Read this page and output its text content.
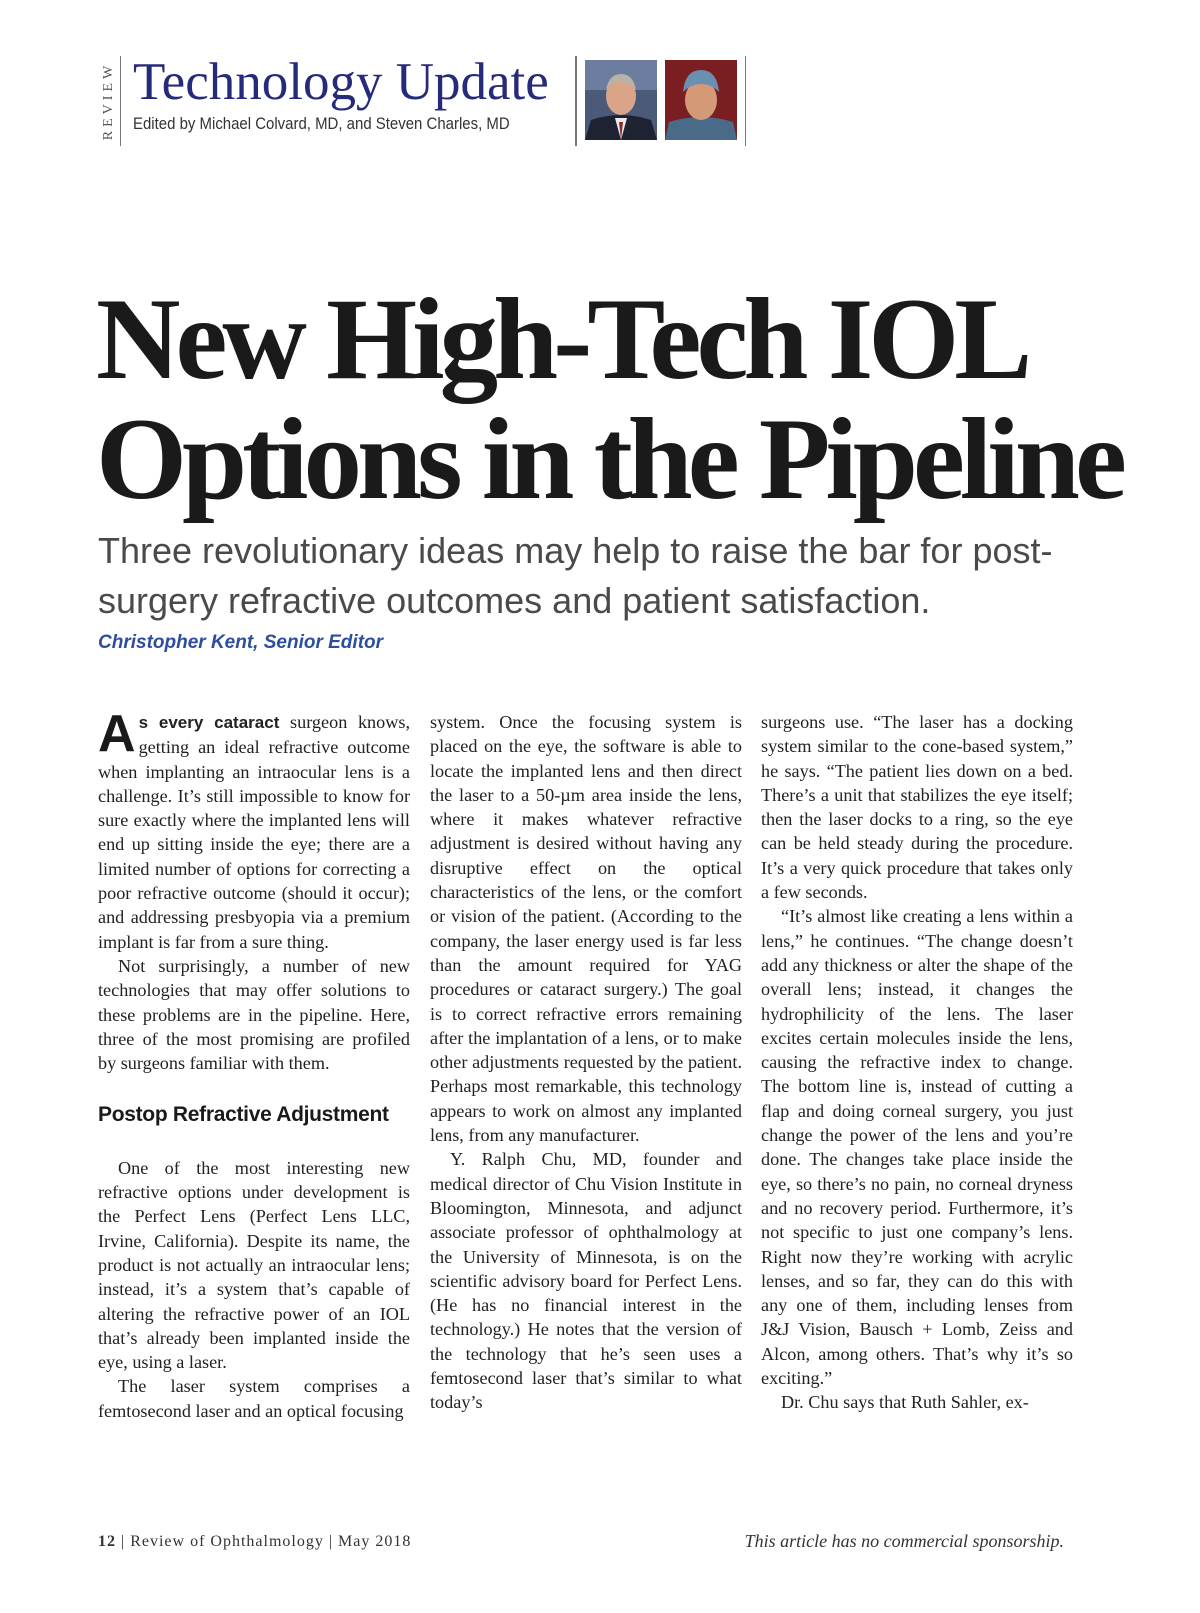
REVIEW Technology Update
Edited by Michael Colvard, MD, and Steven Charles, MD
New High-Tech IOL
Options in the Pipeline
Three revolutionary ideas may help to raise the bar for post-surgery refractive outcomes and patient satisfaction.
Christopher Kent, Senior Editor

As every cataract surgeon knows, getting an ideal refractive outcome when implanting an intraocular lens is a challenge. It’s still impossible to know for sure exactly where the implanted lens will end up sitting inside the eye; there are a limited number of options for correcting a poor refractive outcome (should it occur); and addressing presbyopia via a premium implant is far from a sure thing.

Not surprisingly, a number of new technologies that may offer solutions to these problems are in the pipeline. Here, three of the most promising are profiled by surgeons familiar with them.

Postop Refractive Adjustment

One of the most interesting new refractive options under development is the Perfect Lens (Perfect Lens LLC, Irvine, California). Despite its name, the product is not actually an intraocular lens; instead, it’s a system that’s capable of altering the refractive power of an IOL that’s already been implanted inside the eye, using a laser.

The laser system comprises a femtosecond laser and an optical focusing

system. Once the focusing system is placed on the eye, the software is able to locate the implanted lens and then direct the laser to a 50-µm area inside the lens, where it makes whatever refractive adjustment is desired without having any disruptive effect on the optical characteristics of the lens, or the comfort or vision of the patient. (According to the company, the laser energy used is far less than the amount required for YAG procedures or cataract surgery.) The goal is to correct refractive errors remaining after the implantation of a lens, or to make other adjustments requested by the patient. Perhaps most remarkable, this technology appears to work on almost any implanted lens, from any manufacturer.

Y. Ralph Chu, MD, founder and medical director of Chu Vision Institute in Bloomington, Minnesota, and adjunct associate professor of ophthalmology at the University of Minnesota, is on the scientific advisory board for Perfect Lens. (He has no financial interest in the technology.) He notes that the version of the technology that he’s seen uses a femtosecond laser that’s similar to what today’s

surgeons use. “The laser has a docking system similar to the cone-based system,” he says. “The patient lies down on a bed. There’s a unit that stabilizes the eye itself; then the laser docks to a ring, so the eye can be held steady during the procedure. It’s a very quick procedure that takes only a few seconds.

“It’s almost like creating a lens within a lens,” he continues. “The change doesn’t add any thickness or alter the shape of the overall lens; instead, it changes the hydrophilicity of the lens. The laser excites certain molecules inside the lens, causing the refractive index to change. The bottom line is, instead of cutting a flap and doing corneal surgery, you just change the power of the lens and you’re done. The changes take place inside the eye, so there’s no pain, no corneal dryness and no recovery period. Furthermore, it’s not specific to just one company’s lens. Right now they’re working with acrylic lenses, and so far, they can do this with any one of them, including lenses from J&J Vision, Bausch + Lomb, Zeiss and Alcon, among others. That’s why it’s so exciting.”

Dr. Chu says that Ruth Sahler, ex-

12 | Review of Ophthalmology | May 2018	This article has no commercial sponsorship.
